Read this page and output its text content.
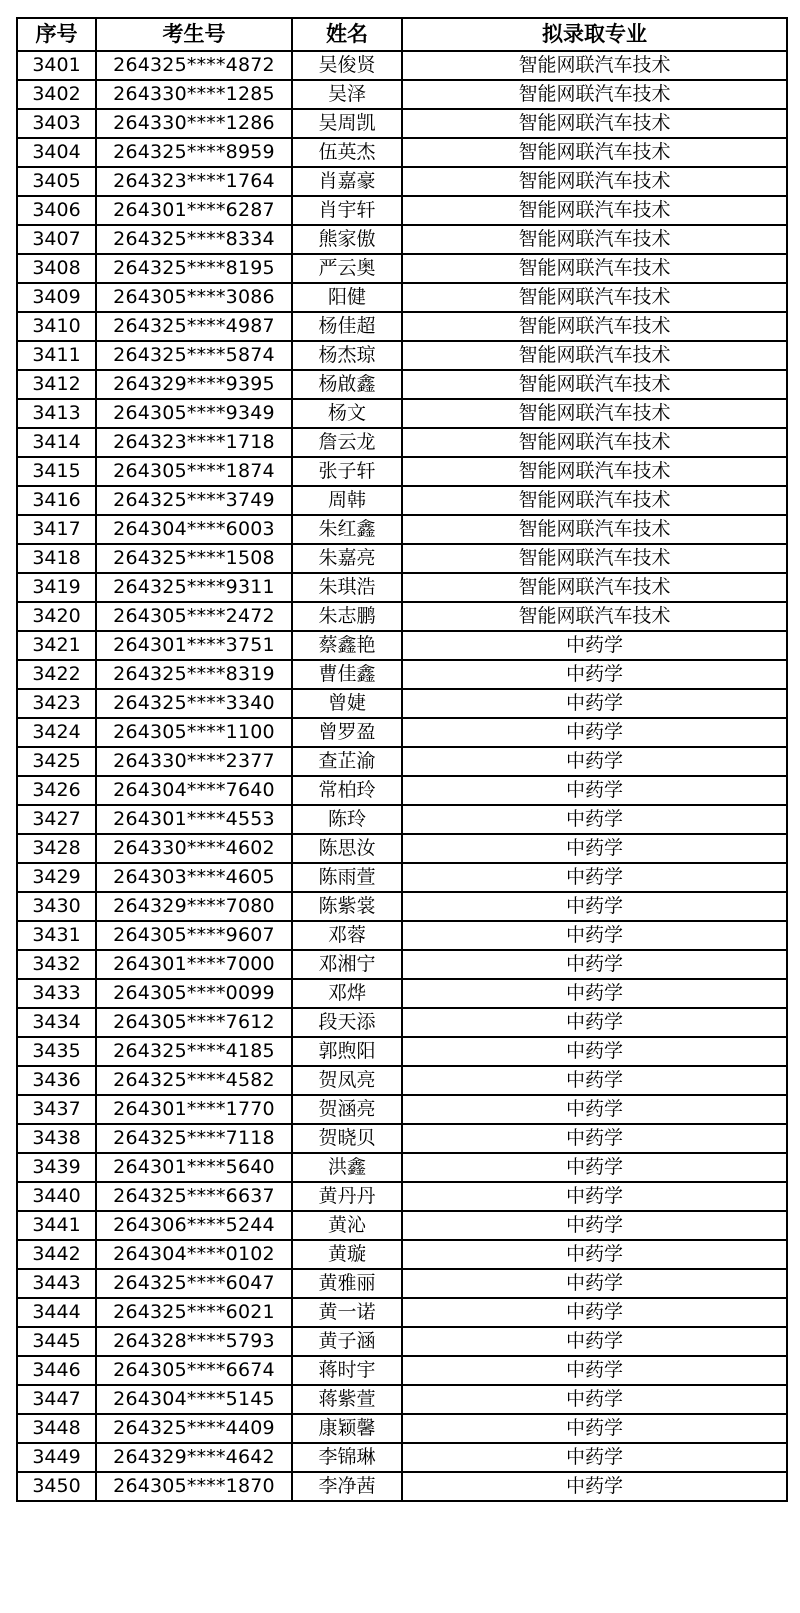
序号	考生号	姓名	拟录取专业
3401	264325****4872	吴俊贤	智能网联汽车技术
3402	264330****1285	吴泽	智能网联汽车技术
3403	264330****1286	吴周凯	智能网联汽车技术
3404	264325****8959	伍英杰	智能网联汽车技术
3405	264323****1764	肖嘉豪	智能网联汽车技术
3406	264301****6287	肖宇轩	智能网联汽车技术
3407	264325****8334	熊家傲	智能网联汽车技术
3408	264325****8195	严云奥	智能网联汽车技术
3409	264305****3086	阳健	智能网联汽车技术
3410	264325****4987	杨佳超	智能网联汽车技术
3411	264325****5874	杨杰琼	智能网联汽车技术
3412	264329****9395	杨啟鑫	智能网联汽车技术
3413	264305****9349	杨文	智能网联汽车技术
3414	264323****1718	詹云龙	智能网联汽车技术
3415	264305****1874	张子轩	智能网联汽车技术
3416	264325****3749	周韩	智能网联汽车技术
3417	264304****6003	朱红鑫	智能网联汽车技术
3418	264325****1508	朱嘉亮	智能网联汽车技术
3419	264325****9311	朱琪浩	智能网联汽车技术
3420	264305****2472	朱志鹏	智能网联汽车技术
3421	264301****3751	蔡鑫艳	中药学
3422	264325****8319	曹佳鑫	中药学
3423	264325****3340	曾婕	中药学
3424	264305****1100	曾罗盈	中药学
3425	264330****2377	查芷渝	中药学
3426	264304****7640	常柏玲	中药学
3427	264301****4553	陈玲	中药学
3428	264330****4602	陈思汝	中药学
3429	264303****4605	陈雨萱	中药学
3430	264329****7080	陈紫裳	中药学
3431	264305****9607	邓蓉	中药学
3432	264301****7000	邓湘宁	中药学
3433	264305****0099	邓烨	中药学
3434	264305****7612	段天添	中药学
3435	264325****4185	郭煦阳	中药学
3436	264325****4582	贺凤亮	中药学
3437	264301****1770	贺涵亮	中药学
3438	264325****7118	贺晓贝	中药学
3439	264301****5640	洪鑫	中药学
3440	264325****6637	黄丹丹	中药学
3441	264306****5244	黄沁	中药学
3442	264304****0102	黄璇	中药学
3443	264325****6047	黄雅丽	中药学
3444	264325****6021	黄一诺	中药学
3445	264328****5793	黄子涵	中药学
3446	264305****6674	蒋时宇	中药学
3447	264304****5145	蒋紫萱	中药学
3448	264325****4409	康颖馨	中药学
3449	264329****4642	李锦琳	中药学
3450	264305****1870	李净茜	中药学
